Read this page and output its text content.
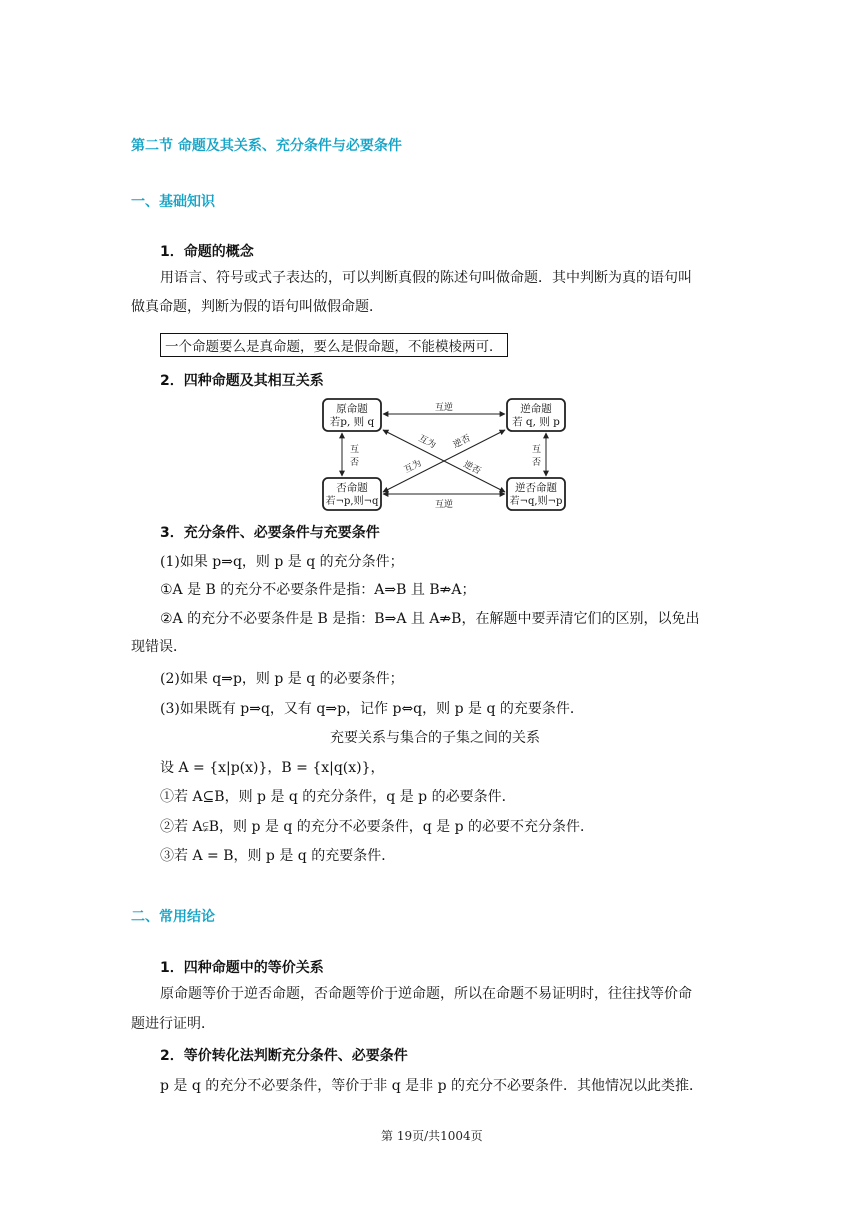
第二节 命题及其关系、充分条件与必要条件
一、基础知识
1．命题的概念
用语言、符号或式子表达的，可以判断真假的陈述句叫做命题．其中判断为真的语句叫
做真命题，判断为假的语句叫做假命题．
一个命题要么是真命题，要么是假命题，不能模棱两可．
2．四种命题及其相互关系
原命题
若p, 则 q
逆命题
若 q, 则 p
否命题
若¬p,则¬q
逆否命题
若¬q,则¬p
互逆
互逆
互
否
互
否
互为
逆否
互为
逆否
3．充分条件、必要条件与充要条件
(1)如果 p⇒q，则 p 是 q 的充分条件；
①A 是 B 的充分不必要条件是指：A⇒B 且 B⇏A；
②A 的充分不必要条件是 B 是指：B⇒A 且 A⇏B，在解题中要弄清它们的区别，以免出
现错误．
(2)如果 q⇒p，则 p 是 q 的必要条件；
(3)如果既有 p⇒q，又有 q⇒p，记作 p⇔q，则 p 是 q 的充要条件．
充要关系与集合的子集之间的关系
设 A = {x|p(x)}，B = {x|q(x)}，
①若 A⊆B，则 p 是 q 的充分条件，q 是 p 的必要条件．
②若 A⫋B，则 p 是 q 的充分不必要条件，q 是 p 的必要不充分条件．
③若 A = B，则 p 是 q 的充要条件．
二、常用结论
1．四种命题中的等价关系
原命题等价于逆否命题，否命题等价于逆命题，所以在命题不易证明时，往往找等价命
题进行证明．
2．等价转化法判断充分条件、必要条件
p 是 q 的充分不必要条件，等价于非 q 是非 p 的充分不必要条件．其他情况以此类推．
第 19页/共1004页
